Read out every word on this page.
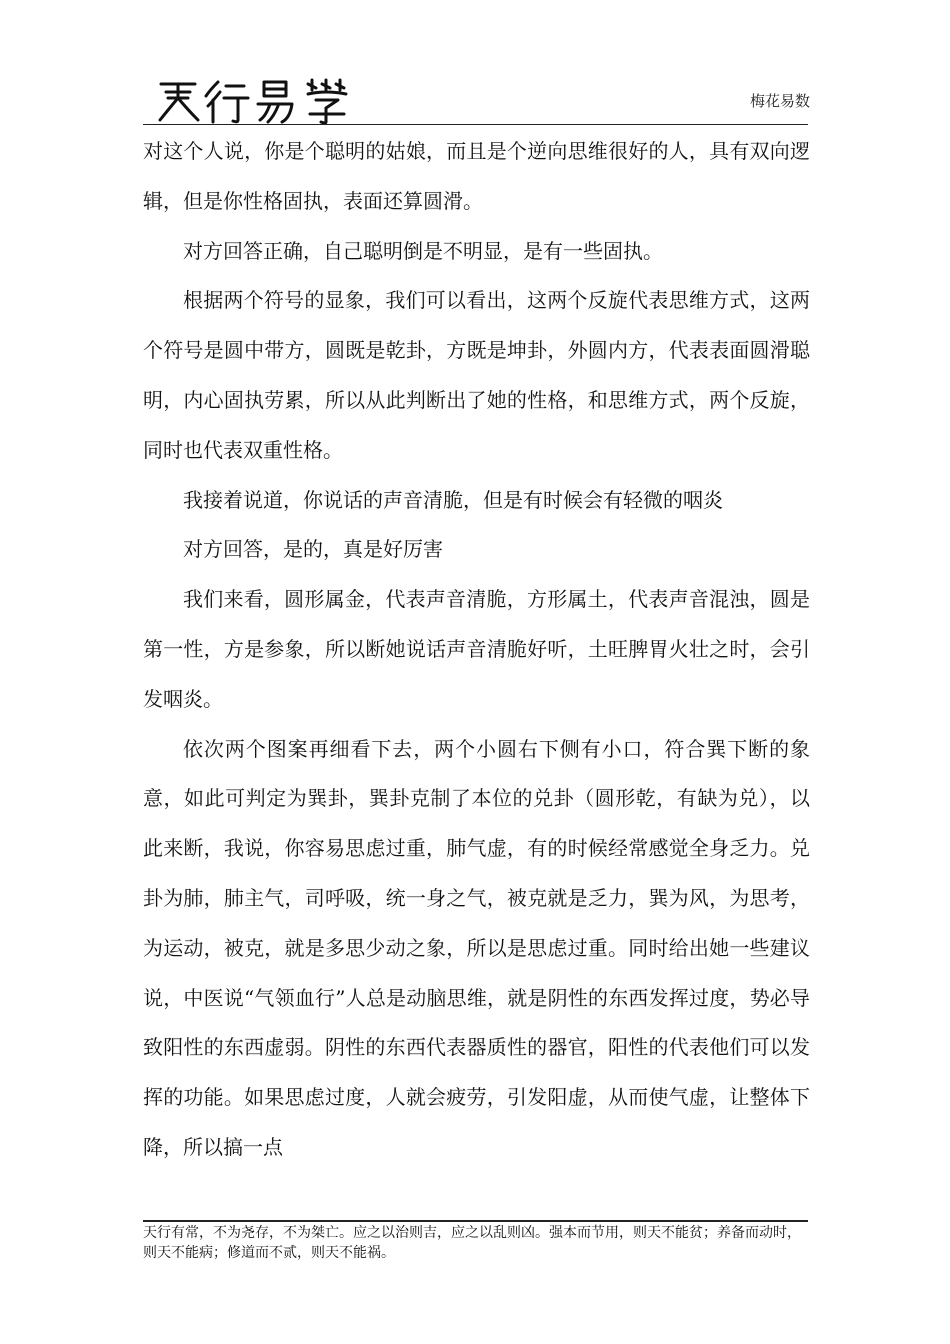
梅花易数

对这个人说，你是个聪明的姑娘，而且是个逆向思维很好的人，具有双向逻辑，但是你性格固执，表面还算圆滑。

对方回答正确，自己聪明倒是不明显，是有一些固执。

根据两个符号的显象，我们可以看出，这两个反旋代表思维方式，这两个符号是圆中带方，圆既是乾卦，方既是坤卦，外圆内方，代表表面圆滑聪明，内心固执劳累，所以从此判断出了她的性格，和思维方式，两个反旋，同时也代表双重性格。

我接着说道，你说话的声音清脆，但是有时候会有轻微的咽炎

对方回答，是的，真是好厉害

我们来看，圆形属金，代表声音清脆，方形属土，代表声音混浊，圆是第一性，方是参象，所以断她说话声音清脆好听，土旺脾胃火壮之时，会引发咽炎。

依次两个图案再细看下去，两个小圆右下侧有小口，符合巽下断的象意，如此可判定为巽卦，巽卦克制了本位的兑卦（圆形乾，有缺为兑），以此来断，我说，你容易思虑过重，肺气虚，有的时候经常感觉全身乏力。兑卦为肺，肺主气，司呼吸，统一身之气，被克就是乏力，巽为风，为思考，为运动，被克，就是多思少动之象，所以是思虑过重。同时给出她一些建议说，中医说“气领血行”人总是动脑思维，就是阴性的东西发挥过度，势必导致阳性的东西虚弱。阴性的东西代表器质性的器官，阳性的代表他们可以发挥的功能。如果思虑过度，人就会疲劳，引发阳虚，从而使气虚，让整体下降，所以搞一点

天行有常，不为尧存，不为桀亡。应之以治则吉，应之以乱则凶。强本而节用，则天不能贫；养备而动时，则天不能病；修道而不贰，则天不能祸。
